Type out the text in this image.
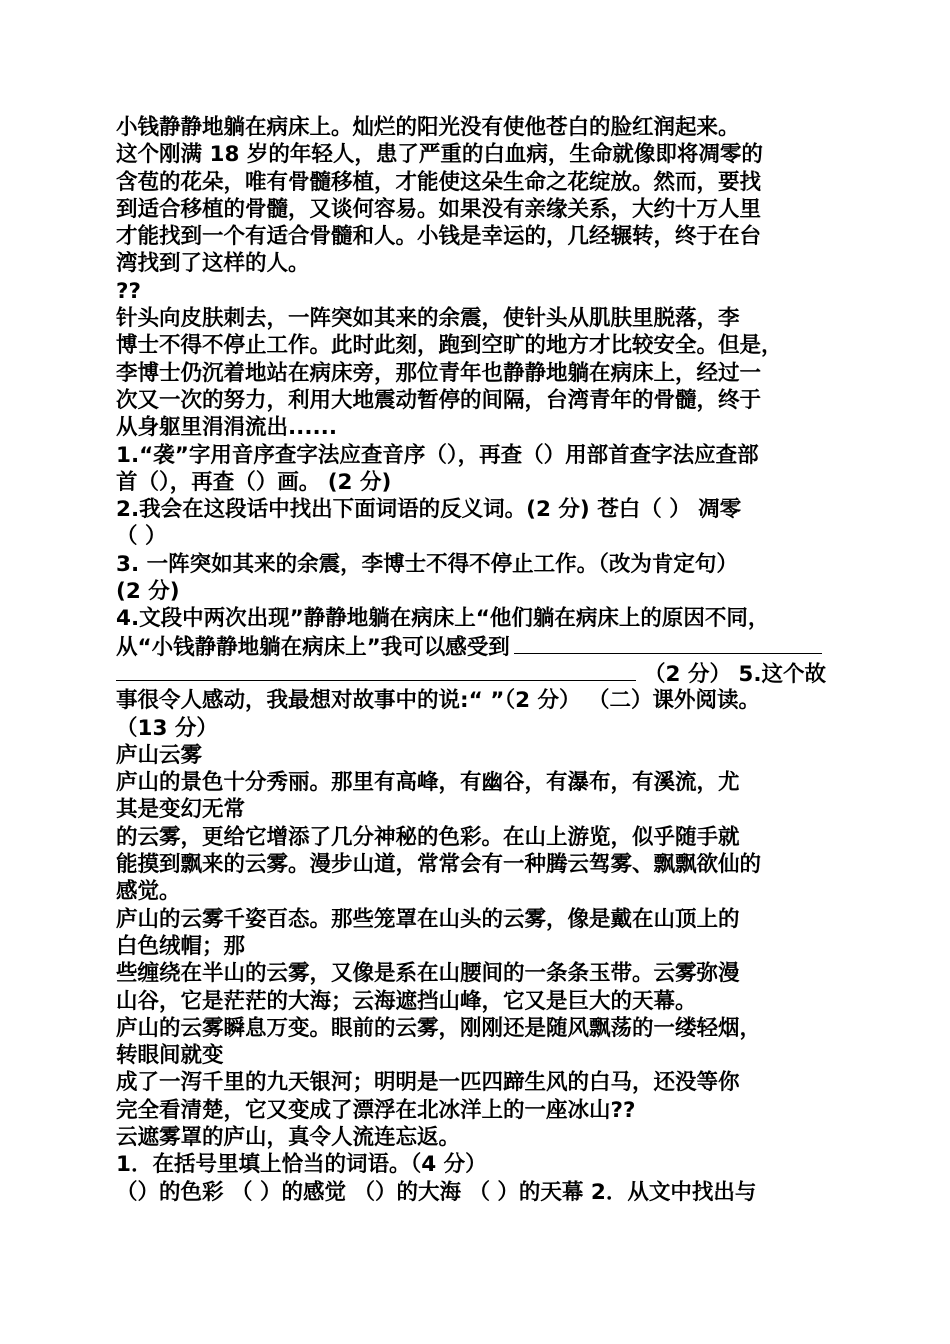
小钱静静地躺在病床上。灿烂的阳光没有使他苍白的脸红润起来。
这个刚满 18 岁的年轻人，患了严重的白血病，生命就像即将凋零的
含苞的花朵，唯有骨髓移植，才能使这朵生命之花绽放。然而，要找
到适合移植的骨髓，又谈何容易。如果没有亲缘关系，大约十万人里
才能找到一个有适合骨髓和人。小钱是幸运的，几经辗转，终于在台
湾找到了这样的人。
??
针头向皮肤刺去，一阵突如其来的余震，使针头从肌肤里脱落，李
博士不得不停止工作。此时此刻，跑到空旷的地方才比较安全。但是，
李博士仍沉着地站在病床旁，那位青年也静静地躺在病床上，经过一
次又一次的努力，利用大地震动暂停的间隔，台湾青年的骨髓，终于
从身躯里涓涓流出......
1.“袭”字用音序查字法应查音序（），再查（）用部首查字法应查部
首（），再查（）画。 (2 分)
2.我会在这段话中找出下面词语的反义词。(2 分) 苍白（ ） 凋零
（ ）
3. 一阵突如其来的余震，李博士不得不停止工作。（改为肯定句）
(2 分)
4.文段中两次出现”静静地躺在病床上“他们躺在病床上的原因不同，
从“小钱静静地躺在病床上”我可以感受到
（2 分） 5.这个故
事很令人感动，我最想对故事中的说:“ ”（2 分） （二）课外阅读。
（13 分）
庐山云雾
庐山的景色十分秀丽。那里有高峰，有幽谷，有瀑布，有溪流，尤
其是变幻无常
的云雾，更给它增添了几分神秘的色彩。在山上游览，似乎随手就
能摸到飘来的云雾。漫步山道，常常会有一种腾云驾雾、飘飘欲仙的
感觉。
庐山的云雾千姿百态。那些笼罩在山头的云雾，像是戴在山顶上的
白色绒帽；那
些缠绕在半山的云雾，又像是系在山腰间的一条条玉带。云雾弥漫
山谷，它是茫茫的大海；云海遮挡山峰，它又是巨大的天幕。
庐山的云雾瞬息万变。眼前的云雾，刚刚还是随风飘荡的一缕轻烟，
转眼间就变
成了一泻千里的九天银河；明明是一匹四蹄生风的白马，还没等你
完全看清楚，它又变成了漂浮在北冰洋上的一座冰山??
云遮雾罩的庐山，真令人流连忘返。
1．在括号里填上恰当的词语。（4 分）
（）的色彩 （ ）的感觉 （）的大海 （ ）的天幕 2．从文中找出与
